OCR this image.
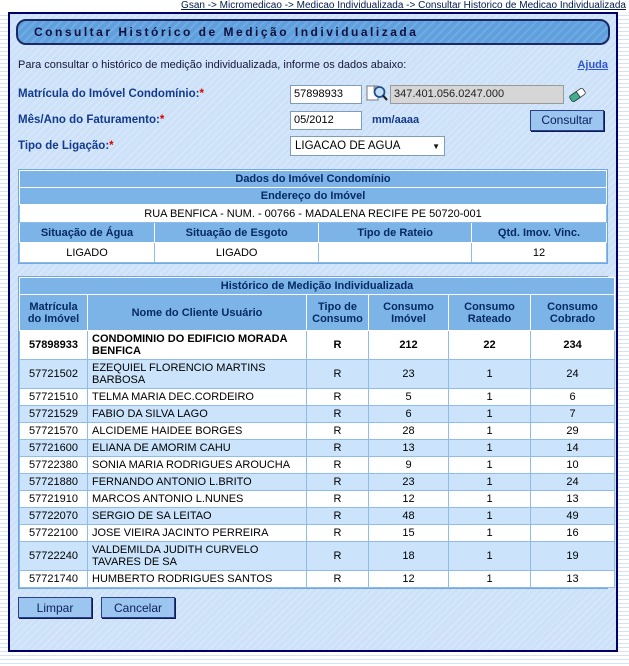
Gsan -> Micromedicao -> Medicao Individualizada -> Consultar Historico de Medicao Individualizada
Consultar Histórico de Medição Individualizada
Para consultar o histórico de medição individualizada, informe os dados abaixo:	Ajuda
Matrícula do Imóvel Condomínio:*
57898933
347.401.056.0247.000
Mês/Ano do Faturamento:*
05/2012	mm/aaaa	Consultar
Tipo de Ligação:*	LIGACAO DE AGUA	▼
Dados do Imóvel Condomínio			
Endereço do Imóvel			
RUA BENFICA - NUM. - 00766 - MADALENA RECIFE PE 50720-001			
Situação de Água	Situação de Esgoto	Tipo de Rateio	Qtd. Imov. Vinc.
LIGADO	LIGADO		12
Histórico de Medição Individualizada					
Matrícula do Imóvel	Nome do Cliente Usuário	Tipo de Consumo	Consumo Imóvel	Consumo Rateado	Consumo Cobrado
57898933	CONDOMINIO DO EDIFICIO MORADA BENFICA	R	212	22	234
57721502	EZEQUIEL FLORENCIO MARTINS BARBOSA	R	23	1	24
57721510	TELMA MARIA DEC.CORDEIRO	R	5	1	6
57721529	FABIO DA SILVA LAGO	R	6	1	7
57721570	ALCIDEME HAIDEE BORGES	R	28	1	29
57721600	ELIANA DE AMORIM CAHU	R	13	1	14
57722380	SONIA MARIA RODRIGUES AROUCHA	R	9	1	10
57721880	FERNANDO ANTONIO L.BRITO	R	23	1	24
57721910	MARCOS ANTONIO L.NUNES	R	12	1	13
57722070	SERGIO DE SA LEITAO	R	48	1	49
57722100	JOSE VIEIRA JACINTO PERREIRA	R	15	1	16
57722240	VALDEMILDA JUDITH CURVELO TAVARES DE SA	R	18	1	19
57721740	HUMBERTO RODRIGUES SANTOS	R	12	1	13
Limpar	Cancelar
